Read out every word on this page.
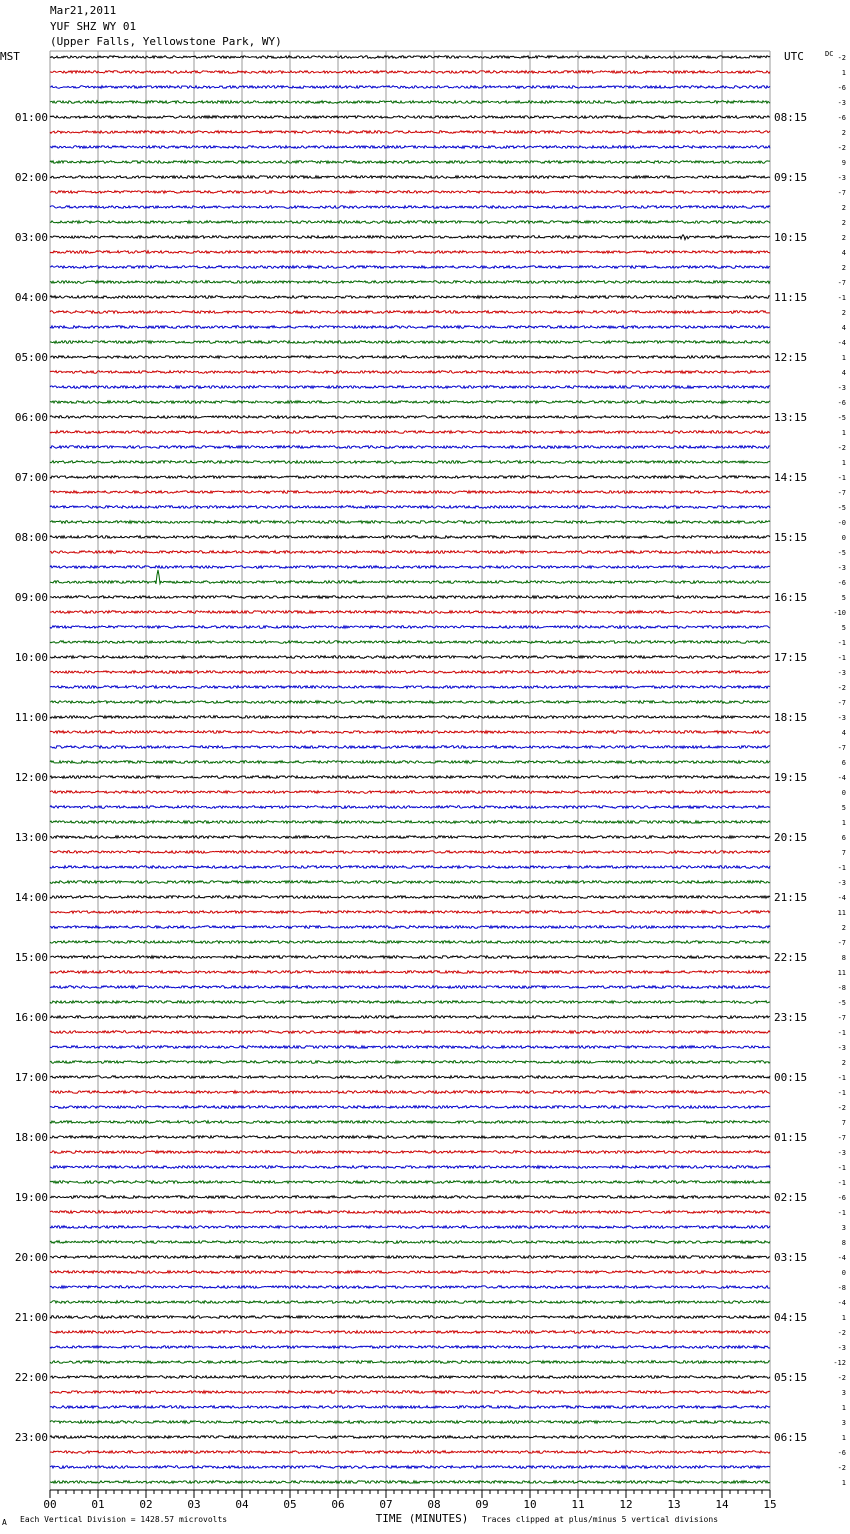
Mar21,2011
YUF SHZ WY 01
(Upper Falls, Yellowstone Park, WY)
-2
1
-6
-3
-6
2
-2
9
-3
-7
2
2
2
4
2
-7
-1
2
4
-4
1
4
-3
-6
-5
1
-2
1
-1
-7
-5
-0
0
-5
-3
-6
5
-10
5
-1
-1
-3
-2
-7
-3
4
-7
6
-4
0
5
1
6
7
-1
-3
-4
11
2
-7
8
11
-8
-5
-7
-1
-3
2
-1
-1
-2
7
-7
-3
-1
-1
-6
-1
3
8
-4
0
-8
-4
1
-2
-3
-12
-2
3
1
3
1
-6
-2
1
MST	UTC	DC
01:00
02:00
03:00
04:00
05:00
06:00
07:00
08:00
09:00
10:00
11:00
12:00
13:00
14:00
15:00
16:00
17:00
18:00
19:00
20:00
21:00
22:00
23:00
08:15
09:15
10:15
11:15
12:15
13:15
14:15
15:15
16:15
17:15
18:15
19:15
20:15
21:15
22:15
23:15
00:15
01:15
02:15
03:15
04:15
05:15
06:15
00	01	02	03	04	05	06	07	08	09	10	11	12	13	14	15
TIME (MINUTES)
A Each Vertical Division = 1428.57 microvolts	Traces clipped at plus/minus 5 vertical divisions
